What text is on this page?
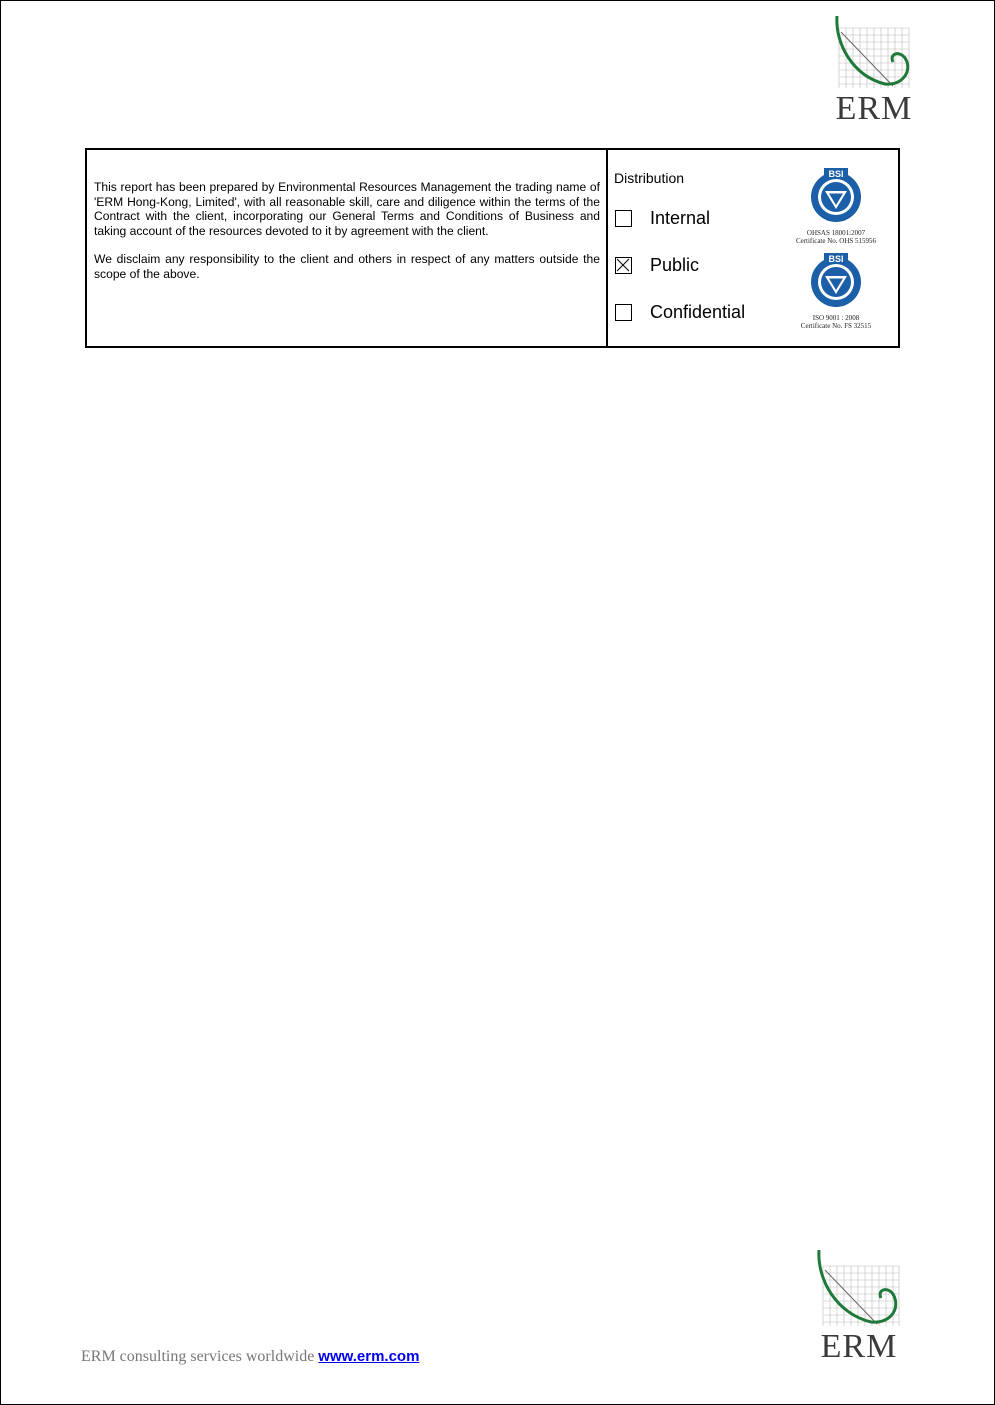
ERM

This report has been prepared by Environmental Resources Management the trading name of 'ERM Hong-Kong, Limited', with all reasonable skill, care and diligence within the terms of the Contract with the client, incorporating our General Terms and Conditions of Business and taking account of the resources devoted to it by agreement with the client.

We disclaim any responsibility to the client and others in respect of any matters outside the scope of the above.

Distribution
Internal
Public
Confidential
BSI
OHSAS 18001:2007
Certificate No. OHS 515956
BSI
ISO 9001 : 2008
Certificate No. FS 32515
ERM
ERM consulting services worldwide www.erm.com
